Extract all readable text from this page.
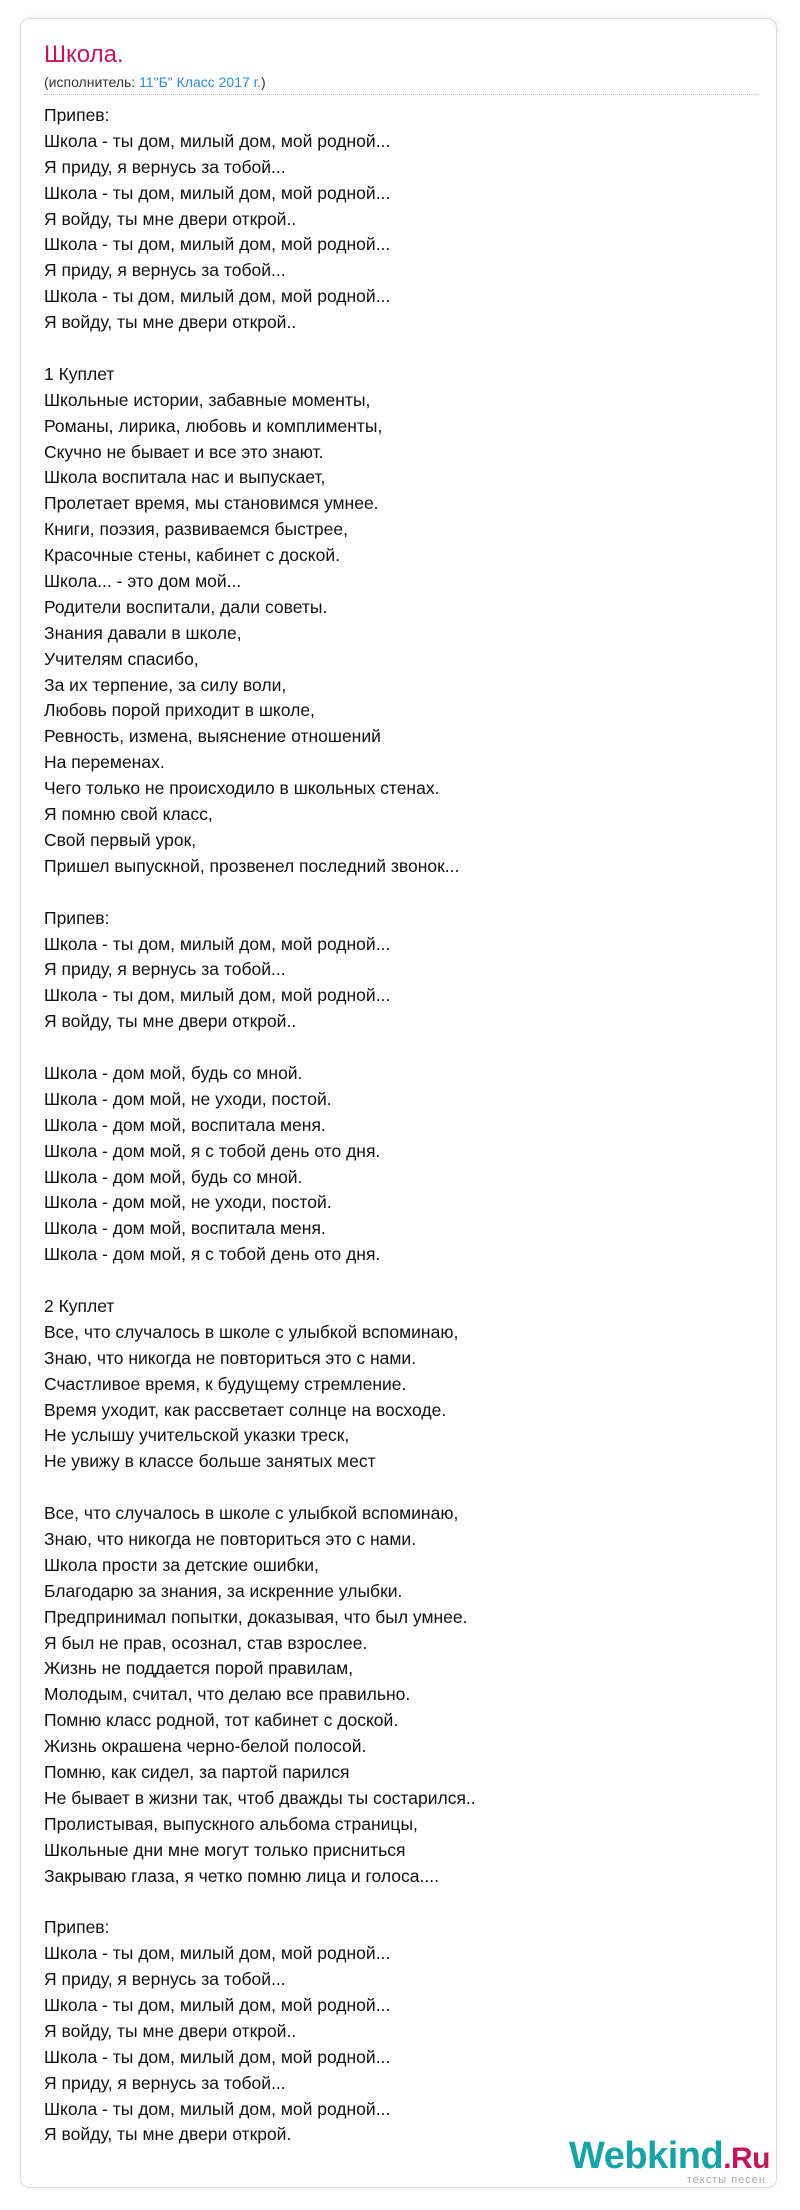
Школа.
(исполнитель: 11"Б" Класс 2017 г.)
Припев:
Школа - ты дом, милый дом, мой родной...
Я приду, я вернусь за тобой...
Школа - ты дом, милый дом, мой родной...
Я войду, ты мне двери открой..
Школа - ты дом, милый дом, мой родной...
Я приду, я вернусь за тобой...
Школа - ты дом, милый дом, мой родной...
Я войду, ты мне двери открой..
1 Куплет
Школьные истории, забавные моменты,
Романы, лирика, любовь и комплименты,
Скучно не бывает и все это знают.
Школа воспитала нас и выпускает,
Пролетает время, мы становимся умнее.
Книги, поэзия, развиваемся быстрее,
Красочные стены, кабинет с доской.
Школа... - это дом мой...
Родители воспитали, дали советы.
Знания давали в школе,
Учителям спасибо,
За их терпение, за силу воли,
Любовь порой приходит в школе,
Ревность, измена, выяснение отношений
На переменах.
Чего только не происходило в школьных стенах.
Я помню свой класс,
Свой первый урок,
Пришел выпускной, прозвенел последний звонок...
Припев:
Школа - ты дом, милый дом, мой родной...
Я приду, я вернусь за тобой...
Школа - ты дом, милый дом, мой родной...
Я войду, ты мне двери открой..
Школа - дом мой, будь со мной.
Школа - дом мой, не уходи, постой.
Школа - дом мой, воспитала меня.
Школа - дом мой, я с тобой день ото дня.
Школа - дом мой, будь со мной.
Школа - дом мой, не уходи, постой.
Школа - дом мой, воспитала меня.
Школа - дом мой, я с тобой день ото дня.
2 Куплет
Все, что случалось в школе с улыбкой вспоминаю,
Знаю, что никогда не повториться это с нами.
Счастливое время, к будущему стремление.
Время уходит, как рассветает солнце на восходе.
Не услышу учительской указки треск,
Не увижу в классе больше занятых мест
Все, что случалось в школе с улыбкой вспоминаю,
Знаю, что никогда не повториться это с нами.
Школа прости за детские ошибки,
Благодарю за знания, за искренние улыбки.
Предпринимал попытки, доказывая, что был умнее.
Я был не прав, осознал, став взрослее.
Жизнь не поддается порой правилам,
Молодым, считал, что делаю все правильно.
Помню класс родной, тот кабинет с доской.
Жизнь окрашена черно-белой полосой.
Помню, как сидел, за партой парился
Не бывает в жизни так, чтоб дважды ты состарился..
Пролистывая, выпускного альбома страницы,
Школьные дни мне могут только присниться
Закрываю глаза, я четко помню лица и голоса....
Припев:
Школа - ты дом, милый дом, мой родной...
Я приду, я вернусь за тобой...
Школа - ты дом, милый дом, мой родной...
Я войду, ты мне двери открой..
Школа - ты дом, милый дом, мой родной...
Я приду, я вернусь за тобой...
Школа - ты дом, милый дом, мой родной...
Я войду, ты мне двери открой.
Webkind.Ru
тексты песен
